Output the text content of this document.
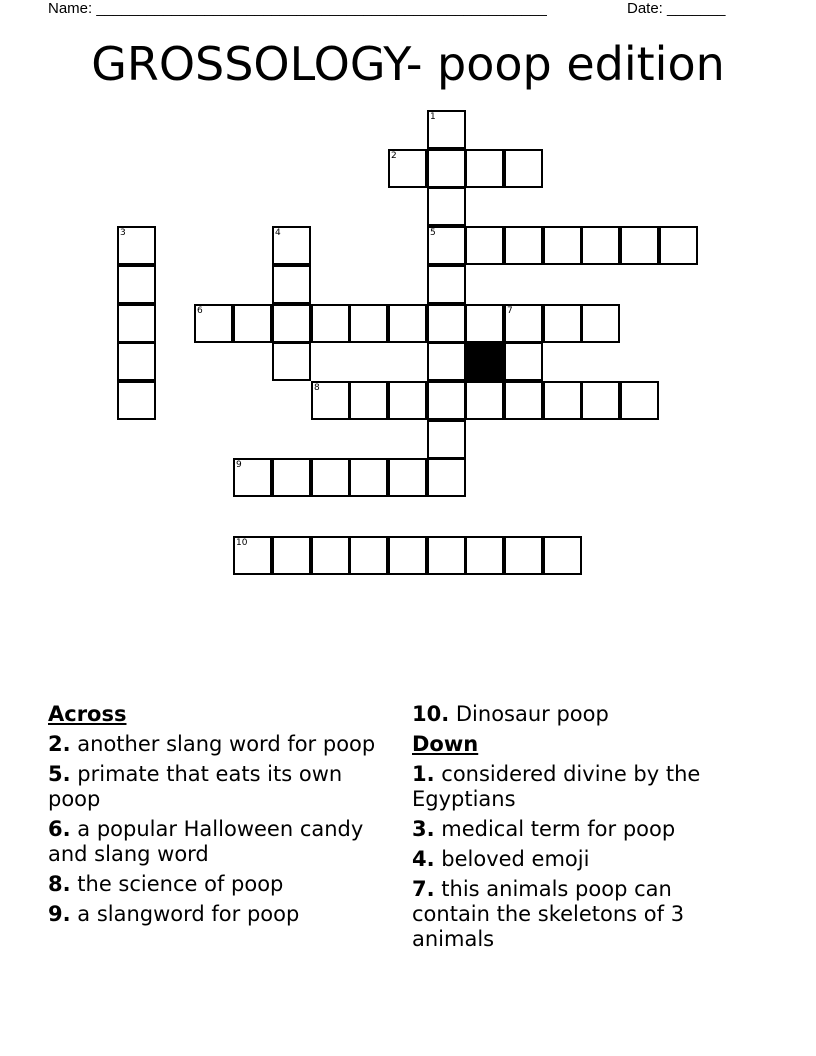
Name: ______________________________________________________	Date: _______
GROSSOLOGY- poop edition
1
2
3	4	5
6	7
8
9
10
Across
2. another slang word for poop
5. primate that eats its own poop
6. a popular Halloween candy and slang word
8. the science of poop
9. a slangword for poop
10. Dinosaur poop
Down
1. considered divine by the Egyptians
3. medical term for poop
4. beloved emoji
7. this animals poop can contain the skeletons of 3 animals
